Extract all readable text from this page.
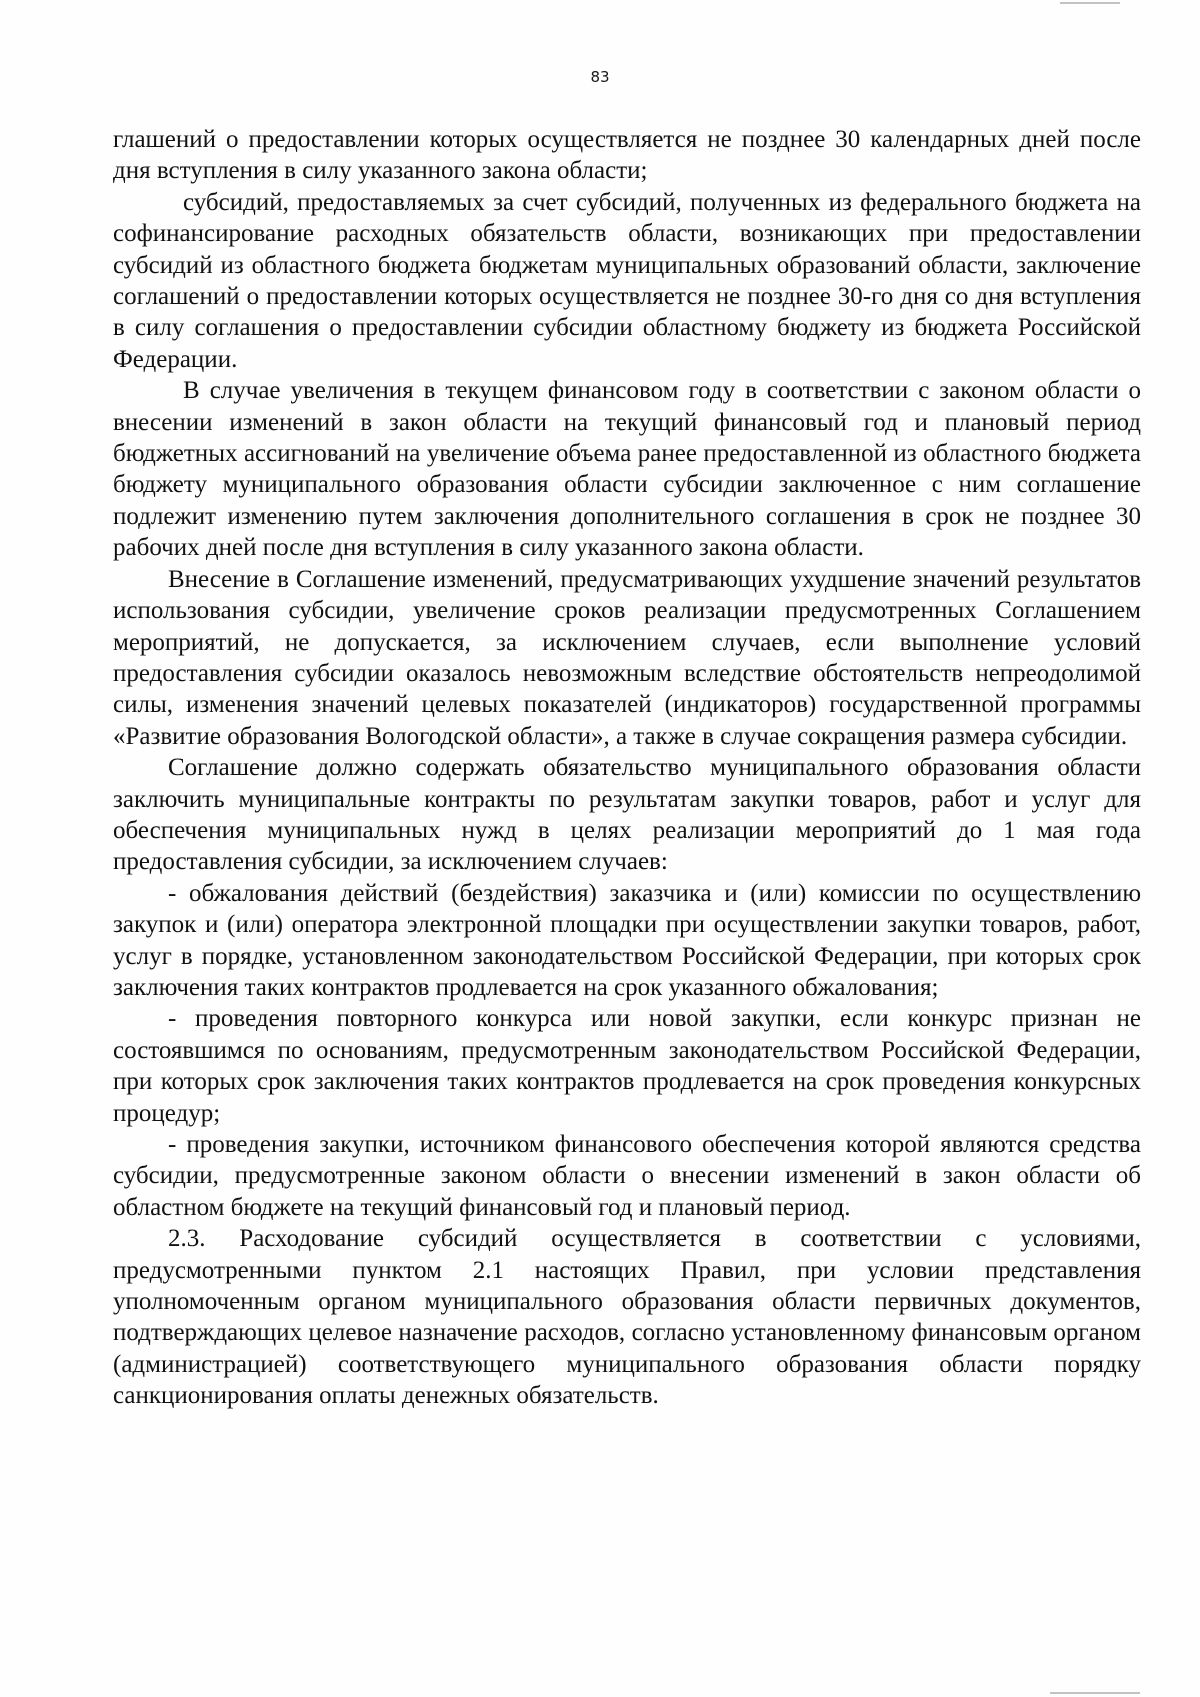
83

глашений о предоставлении которых осуществляется не позднее 30 календарных дней после дня вступления в силу указанного закона области;

субсидий, предоставляемых за счет субсидий, полученных из федерального бюджета на софинансирование расходных обязательств области, возникающих при предоставлении субсидий из областного бюджета бюджетам муниципальных образований области, заключение соглашений о предоставлении которых осуществляется не позднее 30-го дня со дня вступления в силу соглашения о предоставлении субсидии областному бюджету из бюджета Российской Федерации.

В случае увеличения в текущем финансовом году в соответствии с законом области о внесении изменений в закон области на текущий финансовый год и плановый период бюджетных ассигнований на увеличение объема ранее предоставленной из областного бюджета бюджету муниципального образования области субсидии заключенное с ним соглашение подлежит изменению путем заключения дополнительного соглашения в срок не позднее 30 рабочих дней после дня вступления в силу указанного закона области.

Внесение в Соглашение изменений, предусматривающих ухудшение значений результатов использования субсидии, увеличение сроков реализации предусмотренных Соглашением мероприятий, не допускается, за исключением случаев, если выполнение условий предоставления субсидии оказалось невозможным вследствие обстоятельств непреодолимой силы, изменения значений целевых показателей (индикаторов) государственной программы «Развитие образования Вологодской области», а также в случае сокращения размера субсидии.

Соглашение должно содержать обязательство муниципального образования области заключить муниципальные контракты по результатам закупки товаров, работ и услуг для обеспечения муниципальных нужд в целях реализации мероприятий до 1 мая года предоставления субсидии, за исключением случаев:

- обжалования действий (бездействия) заказчика и (или) комиссии по осуществлению закупок и (или) оператора электронной площадки при осуществлении закупки товаров, работ, услуг в порядке, установленном законодательством Российской Федерации, при которых срок заключения таких контрактов продлевается на срок указанного обжалования;

- проведения повторного конкурса или новой закупки, если конкурс признан не состоявшимся по основаниям, предусмотренным законодательством Российской Федерации, при которых срок заключения таких контрактов продлевается на срок проведения конкурсных процедур;

- проведения закупки, источником финансового обеспечения которой являются средства субсидии, предусмотренные законом области о внесении изменений в закон области об областном бюджете на текущий финансовый год и плановый период.

2.3. Расходование субсидий осуществляется в соответствии с условиями, предусмотренными пунктом 2.1 настоящих Правил, при условии представления уполномоченным органом муниципального образования области первичных документов, подтверждающих целевое назначение расходов, согласно установленному финансовым органом (администрацией) соответствующего муниципального образования области порядку санкционирования оплаты денежных обязательств.
